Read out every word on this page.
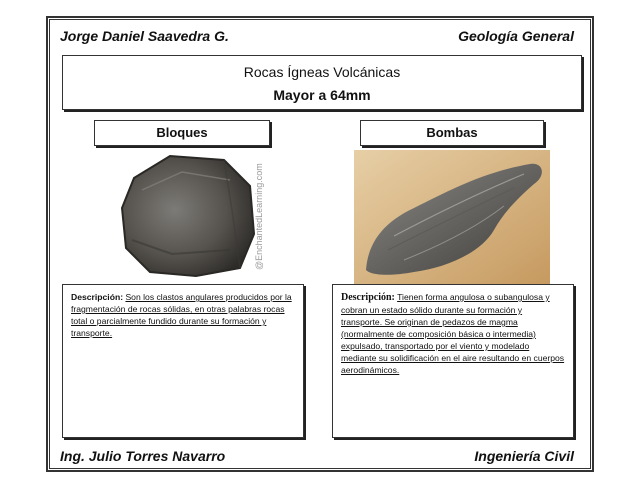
Jorge Daniel Saavedra G.	Geología General
Rocas Ígneas Volcánicas
Mayor a 64mm
Bloques	Bombas
@EnchantedLearning.com
Descripción: Son los clastos angulares producidos por la fragmentación de rocas sólidas, en otras palabras rocas total o parcialmente fundido durante su formación y transporte.
Descripción: Tienen forma angulosa o subangulosa y cobran un estado sólido durante su formación y transporte. Se originan de pedazos de magma (normalmente de composición básica o intermedia) expulsado, transportado por el viento y modelado mediante su solidificación en el aire resultando en cuerpos aerodinámicos.
Ing. Julio Torres Navarro	Ingeniería Civil
